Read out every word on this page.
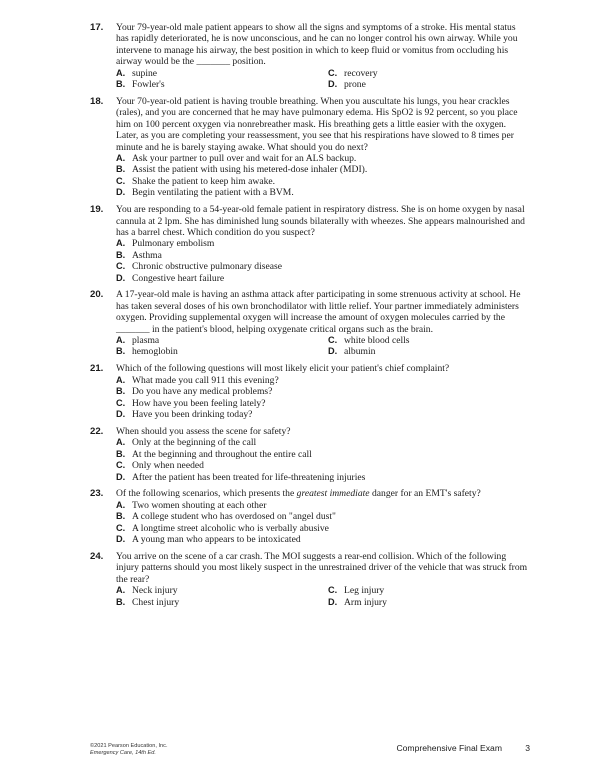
17. Your 79-year-old male patient appears to show all the signs and symptoms of a stroke. His mental status has rapidly deteriorated, he is now unconscious, and he can no longer control his own airway. While you intervene to manage his airway, the best position in which to keep fluid or vomitus from occluding his airway would be the _______ position.
A. supine	C. recovery
B. Fowler's	D. prone
18. Your 70-year-old patient is having trouble breathing. When you auscultate his lungs, you hear crackles (rales), and you are concerned that he may have pulmonary edema. His SpO2 is 92 percent, so you place him on 100 percent oxygen via nonrebreather mask. His breathing gets a little easier with the oxygen. Later, as you are completing your reassessment, you see that his respirations have slowed to 8 times per minute and he is barely staying awake. What should you do next?
A. Ask your partner to pull over and wait for an ALS backup.
B. Assist the patient with using his metered-dose inhaler (MDI).
C. Shake the patient to keep him awake.
D. Begin ventilating the patient with a BVM.
19. You are responding to a 54-year-old female patient in respiratory distress. She is on home oxygen by nasal cannula at 2 lpm. She has diminished lung sounds bilaterally with wheezes. She appears malnourished and has a barrel chest. Which condition do you suspect?
A. Pulmonary embolism
B. Asthma
C. Chronic obstructive pulmonary disease
D. Congestive heart failure
20. A 17-year-old male is having an asthma attack after participating in some strenuous activity at school. He has taken several doses of his own bronchodilator with little relief. Your partner immediately administers oxygen. Providing supplemental oxygen will increase the amount of oxygen molecules carried by the _______ in the patient's blood, helping oxygenate critical organs such as the brain.
A. plasma	C. white blood cells
B. hemoglobin	D. albumin
21. Which of the following questions will most likely elicit your patient's chief complaint?
A. What made you call 911 this evening?
B. Do you have any medical problems?
C. How have you been feeling lately?
D. Have you been drinking today?
22. When should you assess the scene for safety?
A. Only at the beginning of the call
B. At the beginning and throughout the entire call
C. Only when needed
D. After the patient has been treated for life-threatening injuries
23. Of the following scenarios, which presents the greatest immediate danger for an EMT's safety?
A. Two women shouting at each other
B. A college student who has overdosed on "angel dust"
C. A longtime street alcoholic who is verbally abusive
D. A young man who appears to be intoxicated
24. You arrive on the scene of a car crash. The MOI suggests a rear-end collision. Which of the following injury patterns should you most likely suspect in the unrestrained driver of the vehicle that was struck from the rear?
A. Neck injury	C. Leg injury
B. Chest injury	D. Arm injury
©2021 Pearson Education, Inc.
Emergency Care, 14th Ed.	Comprehensive Final Exam	3
